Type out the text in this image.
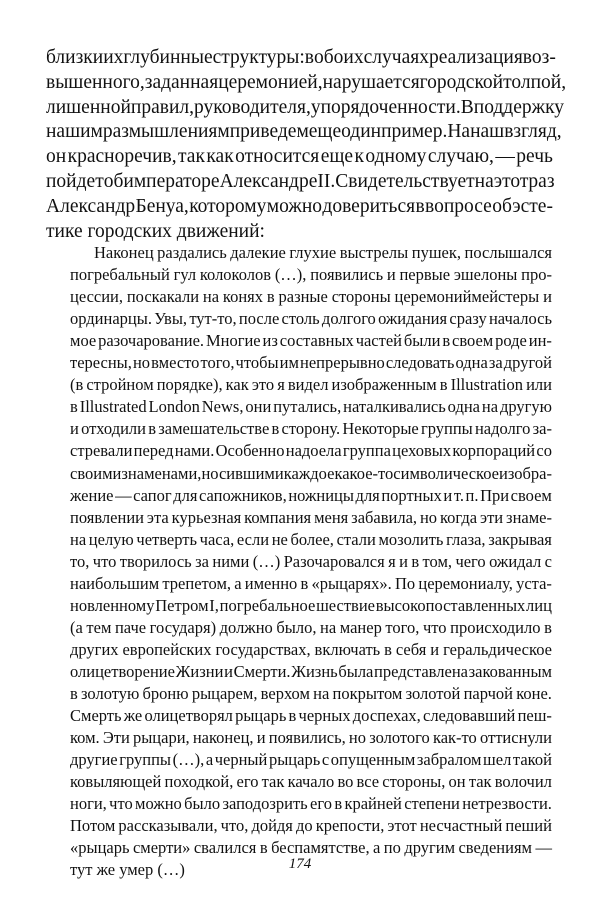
близки их глубинные структуры: в обоих случаях реализация воз-
вышенного, заданная церемонией, нарушается городской толпой,
лишенной правил, руководителя, упорядоченности. В поддержку
нашим размышлениям приведем еще один пример. На наш взгляд,
он красноречив, так как относится еще к одному случаю, — речь
пойдет об императоре Александре II. Свидетельствует на этот раз
Александр Бенуа, которому можно довериться в вопросе об эсте-
тике городских движений:
Наконец раздались далекие глухие выстрелы пушек, послышался
погребальный гул колоколов (…), появились и первые эшелоны про-
цессии, поскакали на конях в разные стороны церемониймейстеры и
ординарцы. Увы, тут-то, после столь долгого ожидания сразу началось
мое разочарование. Многие из составных частей были в своем роде ин-
тересны, но вместо того, чтобы им непрерывно следовать одна за другой
(в стройном порядке), как это я видел изображенным в Illustration или
в Illustrated London News, они путались, наталкивались одна на другую
и отходили в замешательстве в сторону. Некоторые группы надолго за-
стревали перед нами. Особенно надоела группа цеховых корпораций со
своими знаменами, носившими каждое какое-то символическое изобра-
жение — сапог для сапожников, ножницы для портных и т. п. При своем
появлении эта курьезная компания меня забавила, но когда эти знаме-
на целую четверть часа, если не более, стали мозолить глаза, закрывая
то, что творилось за ними (…) Разочаровался я и в том, чего ожидал с
наибольшим трепетом, а именно в «рыцарях». По церемониалу, уста-
новленному Петром I, погребальное шествие высокопоставленных лиц
(а тем паче государя) должно было, на манер того, что происходило в
других европейских государствах, включать в себя и геральдическое
олицетворение Жизни и Смерти. Жизнь была представлена закованным
в золотую броню рыцарем, верхом на покрытом золотой парчой коне.
Смерть же олицетворял рыцарь в черных доспехах, следовавший пеш-
ком. Эти рыцари, наконец, и появились, но золотого как-то оттиснули
другие группы (…), а черный рыцарь с опущенным забралом шел такой
ковыляющей походкой, его так качало во все стороны, он так волочил
ноги, что можно было заподозрить его в крайней степени нетрезвости.
Потом рассказывали, что, дойдя до крепости, этот несчастный пеший
«рыцарь смерти» свалился в беспамятстве, а по другим сведениям —
тут же умер (…)	174
